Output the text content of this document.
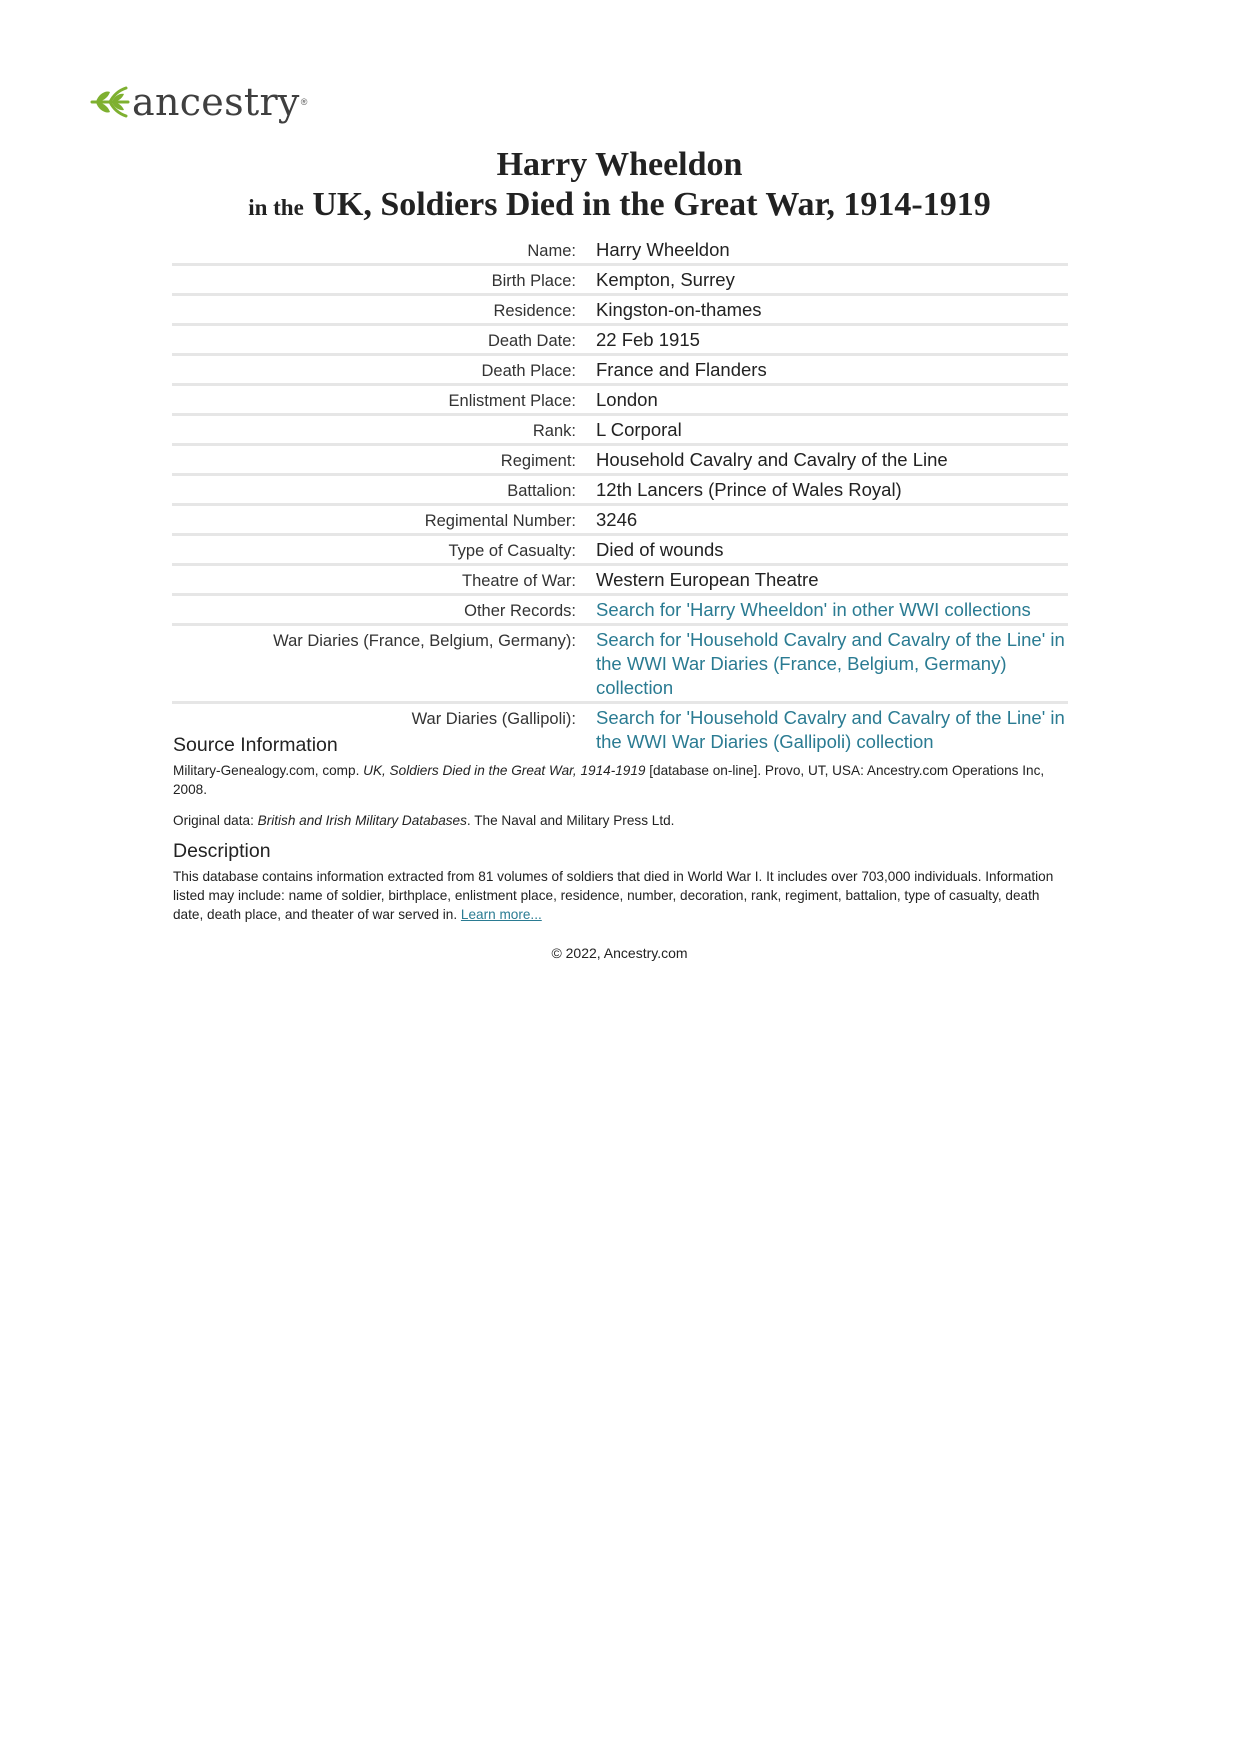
ancestry ®
Harry Wheeldon
in the UK, Soldiers Died in the Great War, 1914-1919
Name:	Harry Wheeldon
Birth Place:	Kempton, Surrey
Residence:	Kingston-on-thames
Death Date:	22 Feb 1915
Death Place:	France and Flanders
Enlistment Place:	London
Rank:	L Corporal
Regiment:	Household Cavalry and Cavalry of the Line
Battalion:	12th Lancers (Prince of Wales Royal)
Regimental Number:	3246
Type of Casualty:	Died of wounds
Theatre of War:	Western European Theatre
Other Records:	Search for 'Harry Wheeldon' in other WWI collections
War Diaries (France, Belgium, Germany):	Search for 'Household Cavalry and Cavalry of the Line' in the WWI War Diaries (France, Belgium, Germany) collection
War Diaries (Gallipoli):	Search for 'Household Cavalry and Cavalry of the Line' in the WWI War Diaries (Gallipoli) collection
Source Information

Military-Genealogy.com, comp. UK, Soldiers Died in the Great War, 1914-1919 [database on-line]. Provo, UT, USA: Ancestry.com Operations Inc, 2008.

Original data: British and Irish Military Databases. The Naval and Military Press Ltd.

Description

This database contains information extracted from 81 volumes of soldiers that died in World War I. It includes over 703,000 individuals. Information listed may include: name of soldier, birthplace, enlistment place, residence, number, decoration, rank, regiment, battalion, type of casualty, death date, death place, and theater of war served in. Learn more...

© 2022, Ancestry.com
